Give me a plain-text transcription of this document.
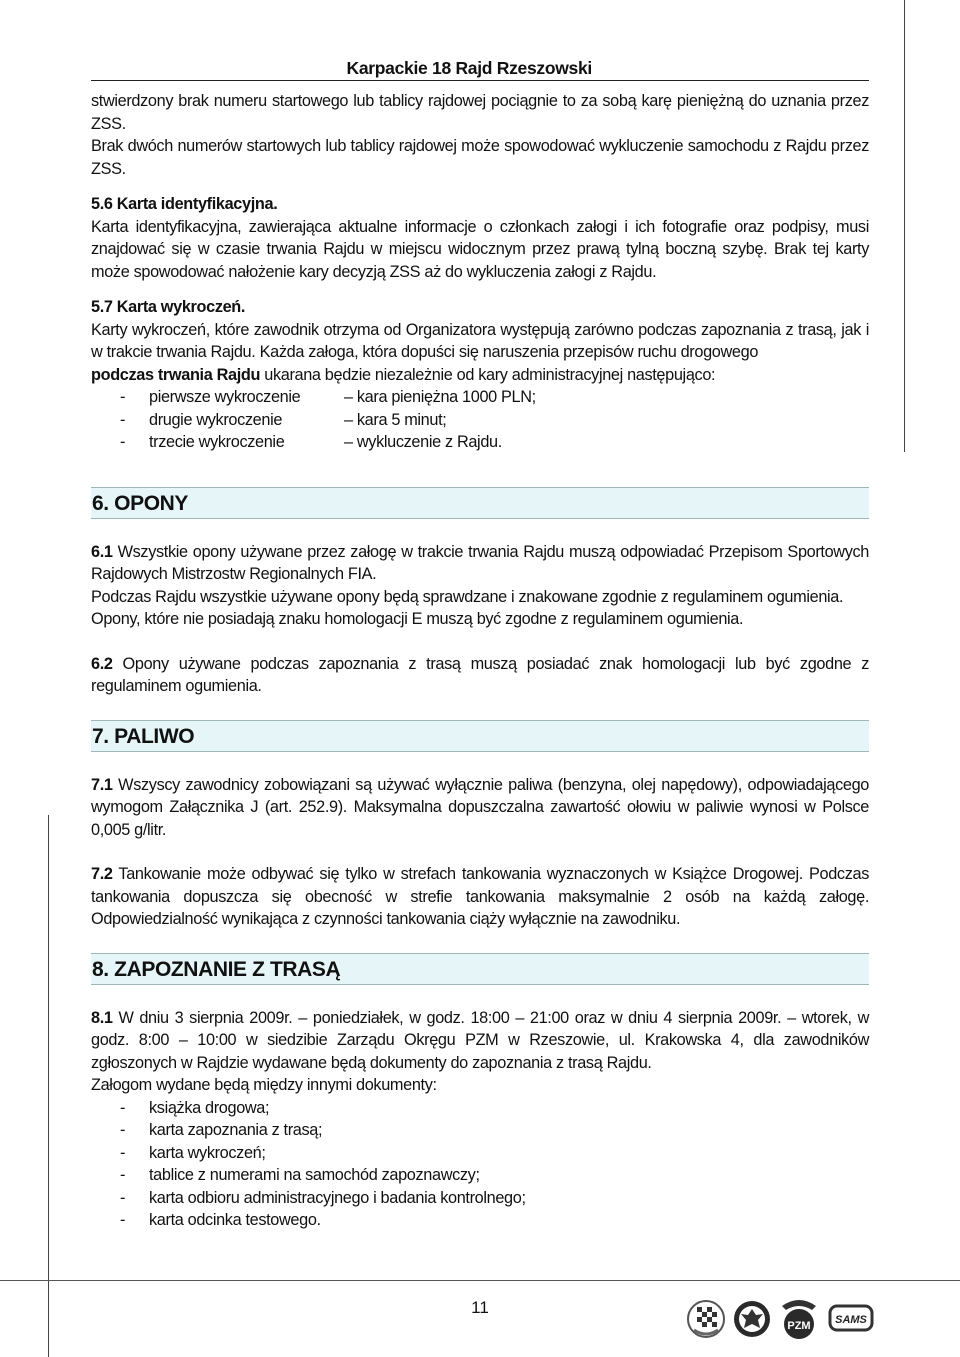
Karpackie 18 Rajd Rzeszowski

stwierdzony brak numeru startowego lub tablicy rajdowej pociągnie to za sobą karę pieniężną do uznania przez ZSS.

Brak dwóch numerów startowych lub tablicy rajdowej może spowodować wykluczenie samochodu z Rajdu przez ZSS.

5.6 Karta identyfikacyjna.

Karta identyfikacyjna, zawierająca aktualne informacje o członkach załogi i ich fotografie oraz podpisy, musi znajdować się w czasie trwania Rajdu w miejscu widocznym przez prawą tylną boczną szybę. Brak tej karty może spowodować nałożenie kary decyzją ZSS aż do wykluczenia załogi z Rajdu.

5.7 Karta wykroczeń.

Karty wykroczeń, które zawodnik otrzyma od Organizatora występują zarówno podczas zapoznania z trasą, jak i w trakcie trwania Rajdu. Każda załoga, która dopuści się naruszenia przepisów ruchu drogowego

podczas trwania Rajdu ukarana będzie niezależnie od kary administracyjnej następująco:

-	pierwsze wykroczenie	– kara pieniężna 1000 PLN;
-	drugie wykroczenie	– kara 5 minut;
-	trzecie wykroczenie	– wykluczenie z Rajdu.
6. OPONY

6.1 Wszystkie opony używane przez załogę w trakcie trwania Rajdu muszą odpowiadać Przepisom Sportowych Rajdowych Mistrzostw Regionalnych FIA.

Podczas Rajdu wszystkie używane opony będą sprawdzane i znakowane zgodnie z regulaminem ogumienia.

Opony, które nie posiadają znaku homologacji E muszą być zgodne z regulaminem ogumienia.

6.2 Opony używane podczas zapoznania z trasą muszą posiadać znak homologacji lub być zgodne z regulaminem ogumienia.

7. PALIWO

7.1 Wszyscy zawodnicy zobowiązani są używać wyłącznie paliwa (benzyna, olej napędowy), odpowiadającego wymogom Załącznika J (art. 252.9). Maksymalna dopuszczalna zawartość ołowiu w paliwie wynosi w Polsce 0,005 g/litr.

7.2 Tankowanie może odbywać się tylko w strefach tankowania wyznaczonych w Książce Drogowej. Podczas tankowania dopuszcza się obecność w strefie tankowania maksymalnie 2 osób na każdą załogę. Odpowiedzialność wynikająca z czynności tankowania ciąży wyłącznie na zawodniku.

8. ZAPOZNANIE Z TRASĄ

8.1 W dniu 3 sierpnia 2009r. – poniedziałek, w godz. 18:00 – 21:00 oraz w dniu 4 sierpnia 2009r. – wtorek, w godz. 8:00 – 10:00 w siedzibie Zarządu Okręgu PZM w Rzeszowie, ul. Krakowska 4, dla zawodników zgłoszonych w Rajdzie wydawane będą dokumenty do zapoznania z trasą Rajdu.

Załogom wydane będą między innymi dokumenty:

-	książka drogowa;
-	karta zapoznania z trasą;
-	karta wykroczeń;
-	tablice z numerami na samochód zapoznawczy;
-	karta odbioru administracyjnego i badania kontrolnego;
-	karta odcinka testowego.
11
PZM SAMS
